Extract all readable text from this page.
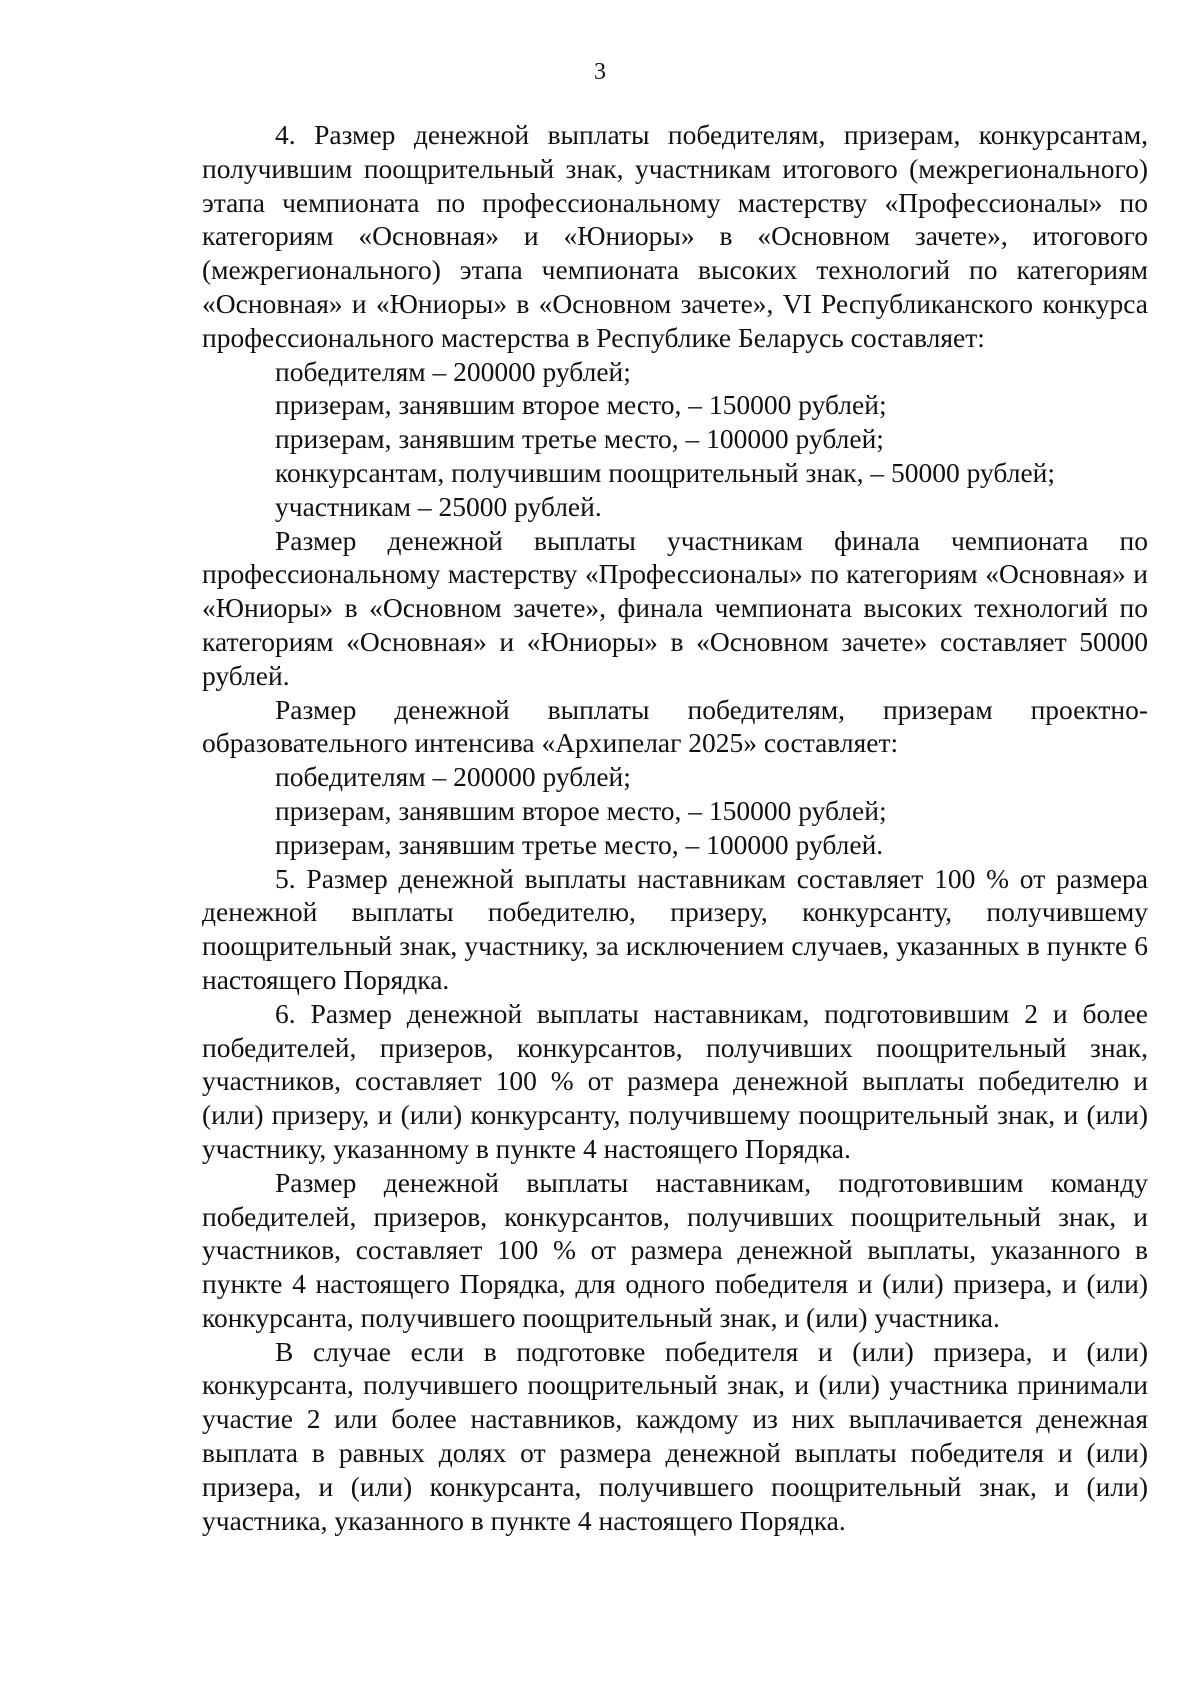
3

4. Размер денежной выплаты победителям, призерам, конкурсантам, получившим поощрительный знак, участникам итогового (межрегионального) этапа чемпионата по профессиональному мастерству «Профессионалы» по категориям «Основная» и «Юниоры» в «Основном зачете», итогового (межрегионального) этапа чемпионата высоких технологий по категориям «Основная» и «Юниоры» в «Основном зачете», VI Республиканского конкурса профессионального мастерства в Республике Беларусь составляет:

победителям – 200000 рублей;

призерам, занявшим второе место, – 150000 рублей;

призерам, занявшим третье место, – 100000 рублей;

конкурсантам, получившим поощрительный знак, – 50000 рублей;

участникам – 25000 рублей.

Размер денежной выплаты участникам финала чемпионата по профессиональному мастерству «Профессионалы» по категориям «Основная» и «Юниоры» в «Основном зачете», финала чемпионата высоких технологий по категориям «Основная» и «Юниоры» в «Основном зачете» составляет 50000 рублей.

Размер денежной выплаты победителям, призерам проектно-образовательного интенсива «Архипелаг 2025» составляет:

победителям – 200000 рублей;

призерам, занявшим второе место, – 150000 рублей;

призерам, занявшим третье место, – 100000 рублей.

5. Размер денежной выплаты наставникам составляет 100 % от размера денежной выплаты победителю, призеру, конкурсанту, получившему поощрительный знак, участнику, за исключением случаев, указанных в пункте 6 настоящего Порядка.

6. Размер денежной выплаты наставникам, подготовившим 2 и более победителей, призеров, конкурсантов, получивших поощрительный знак, участников, составляет 100 % от размера денежной выплаты победителю и (или) призеру, и (или) конкурсанту, получившему поощрительный знак, и (или) участнику, указанному в пункте 4 настоящего Порядка.

Размер денежной выплаты наставникам, подготовившим команду победителей, призеров, конкурсантов, получивших поощрительный знак, и участников, составляет 100 % от размера денежной выплаты, указанного в пункте 4 настоящего Порядка, для одного победителя и (или) призера, и (или) конкурсанта, получившего поощрительный знак, и (или) участника.

В случае если в подготовке победителя и (или) призера, и (или) конкурсанта, получившего поощрительный знак, и (или) участника принимали участие 2 или более наставников, каждому из них выплачивается денежная выплата в равных долях от размера денежной выплаты победителя и (или) призера, и (или) конкурсанта, получившего поощрительный знак, и (или) участника, указанного в пункте 4 настоящего Порядка.
